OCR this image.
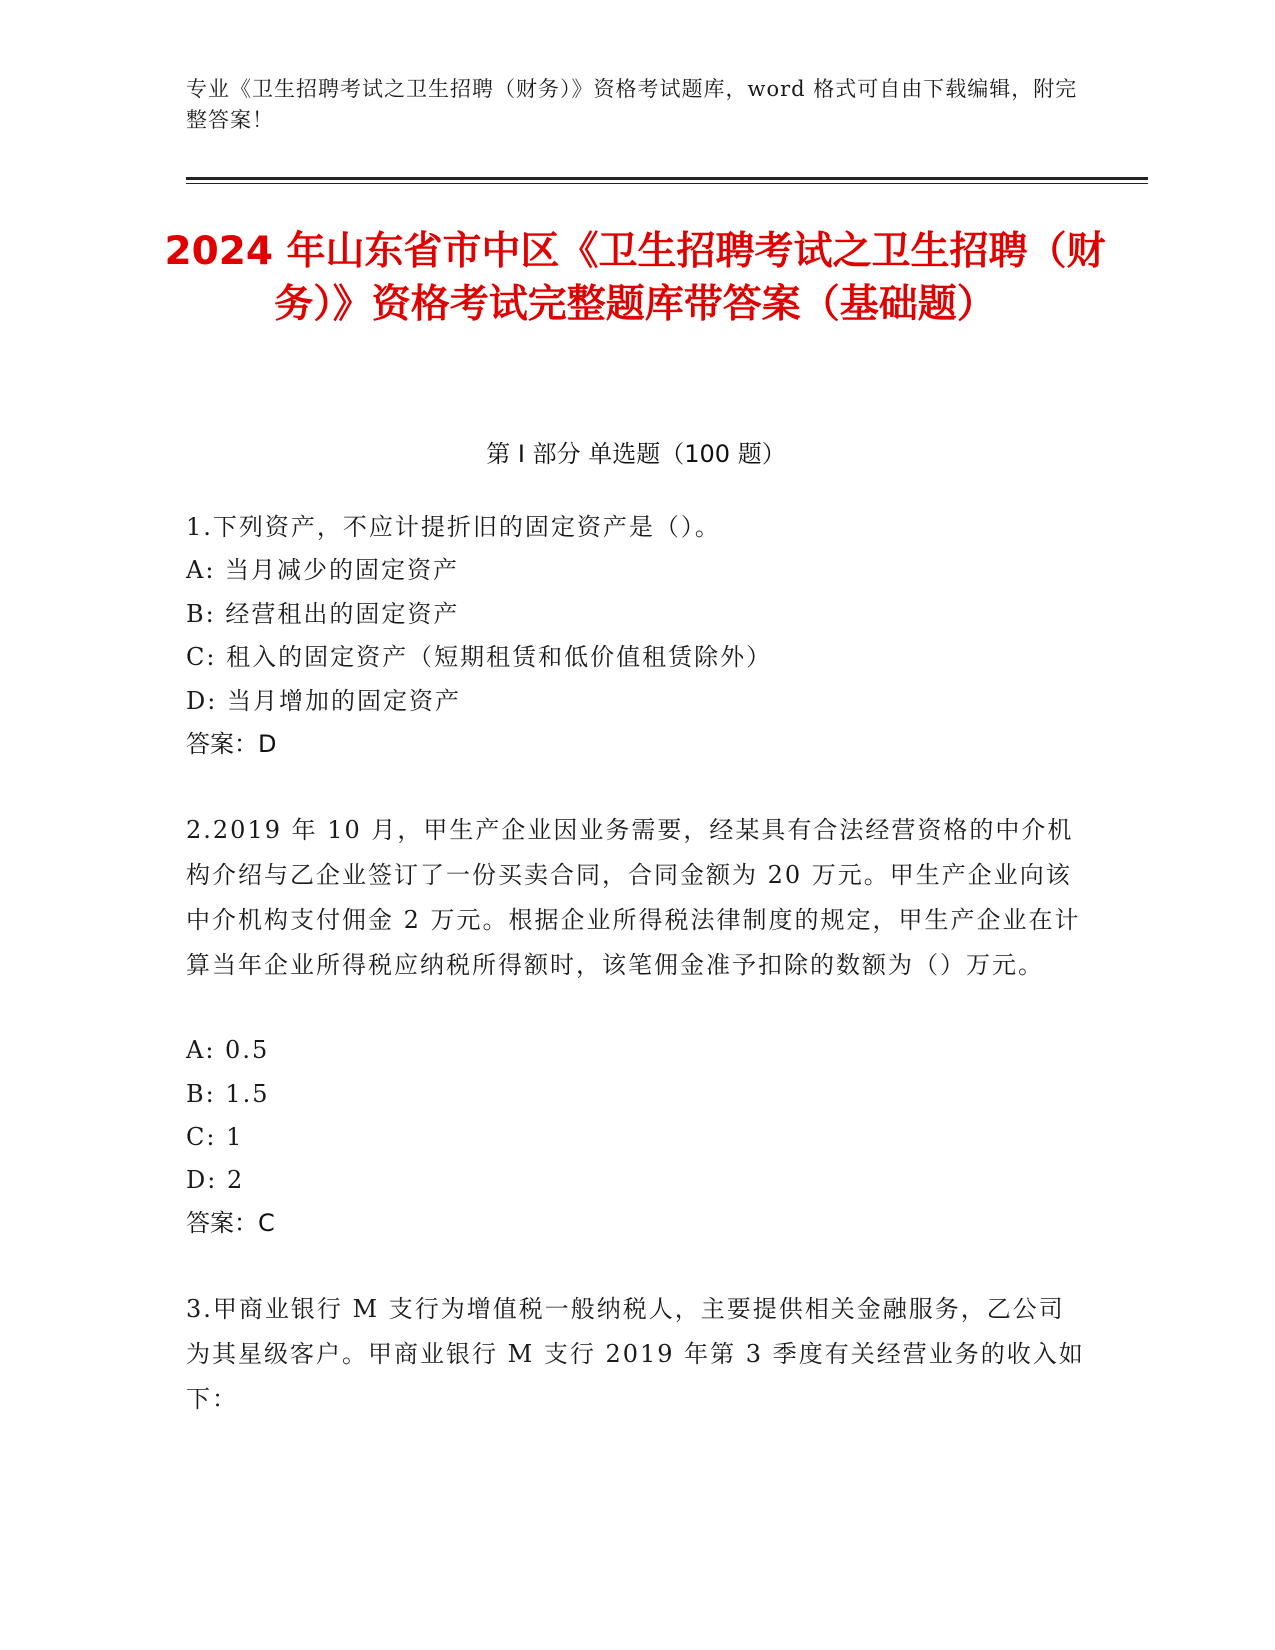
专业《卫生招聘考试之卫生招聘（财务）》资格考试题库，word 格式可自由下载编辑，附完整答案！
2024 年山东省市中区《卫生招聘考试之卫生招聘（财务）》资格考试完整题库带答案（基础题）
第 I 部分 单选题（100 题）

1.下列资产，不应计提折旧的固定资产是（）。

A: 当月减少的固定资产

B: 经营租出的固定资产

C: 租入的固定资产（短期租赁和低价值租赁除外）

D: 当月增加的固定资产

答案：D

2.2019 年 10 月，甲生产企业因业务需要，经某具有合法经营资格的中介机构介绍与乙企业签订了一份买卖合同，合同金额为 20 万元。甲生产企业向该中介机构支付佣金 2 万元。根据企业所得税法律制度的规定，甲生产企业在计算当年企业所得税应纳税所得额时，该笔佣金准予扣除的数额为（）万元。

A: 0.5

B: 1.5

C: 1

D: 2

答案：C

3.甲商业银行 M 支行为增值税一般纳税人，主要提供相关金融服务，乙公司为其星级客户。甲商业银行 M 支行 2019 年第 3 季度有关经营业务的收入如下：
